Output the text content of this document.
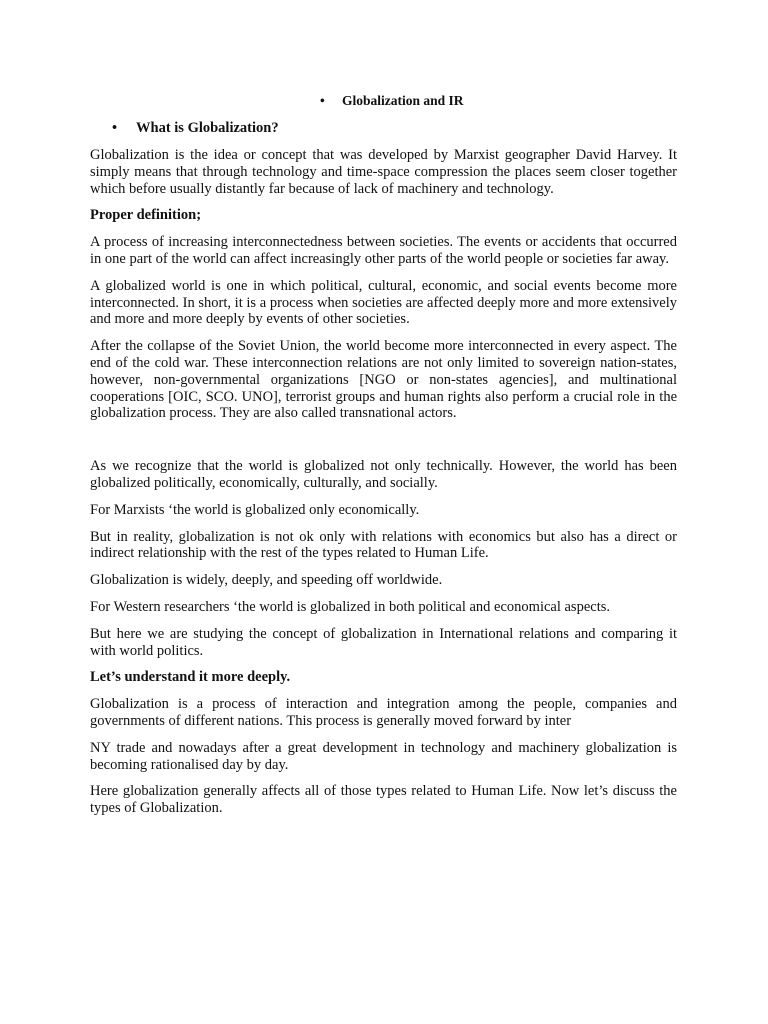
• Globalization and IR
• What is Globalization?

Globalization is the idea or concept that was developed by Marxist geographer David Harvey. It simply means that through technology and time-space compression the places seem closer together which before usually distantly far because of lack of machinery and technology.

Proper definition;

A process of increasing interconnectedness between societies. The events or accidents that occurred in one part of the world can affect increasingly other parts of the world people or societies far away.

A globalized world is one in which political, cultural, economic, and social events become more interconnected. In short, it is a process when societies are affected deeply more and more extensively and more and more deeply by events of other societies.

After the collapse of the Soviet Union, the world become more interconnected in every aspect. The end of the cold war. These interconnection relations are not only limited to sovereign nation-states, however, non-governmental organizations [NGO or non-states agencies], and multinational cooperations [OIC, SCO. UNO], terrorist groups and human rights also perform a crucial role in the globalization process. They are also called transnational actors.

As we recognize that the world is globalized not only technically. However, the world has been globalized politically, economically, culturally, and socially.

For Marxists ‘the world is globalized only economically.

But in reality, globalization is not ok only with relations with economics but also has a direct or indirect relationship with the rest of the types related to Human Life.

Globalization is widely, deeply, and speeding off worldwide.

For Western researchers ‘the world is globalized in both political and economical aspects.

But here we are studying the concept of globalization in International relations and comparing it with world politics.

Let’s understand it more deeply.

Globalization is a process of interaction and integration among the people, companies and governments of different nations. This process is generally moved forward by inter

NY trade and nowadays after a great development in technology and machinery globalization is becoming rationalised day by day.

Here globalization generally affects all of those types related to Human Life. Now let’s discuss the types of Globalization.
